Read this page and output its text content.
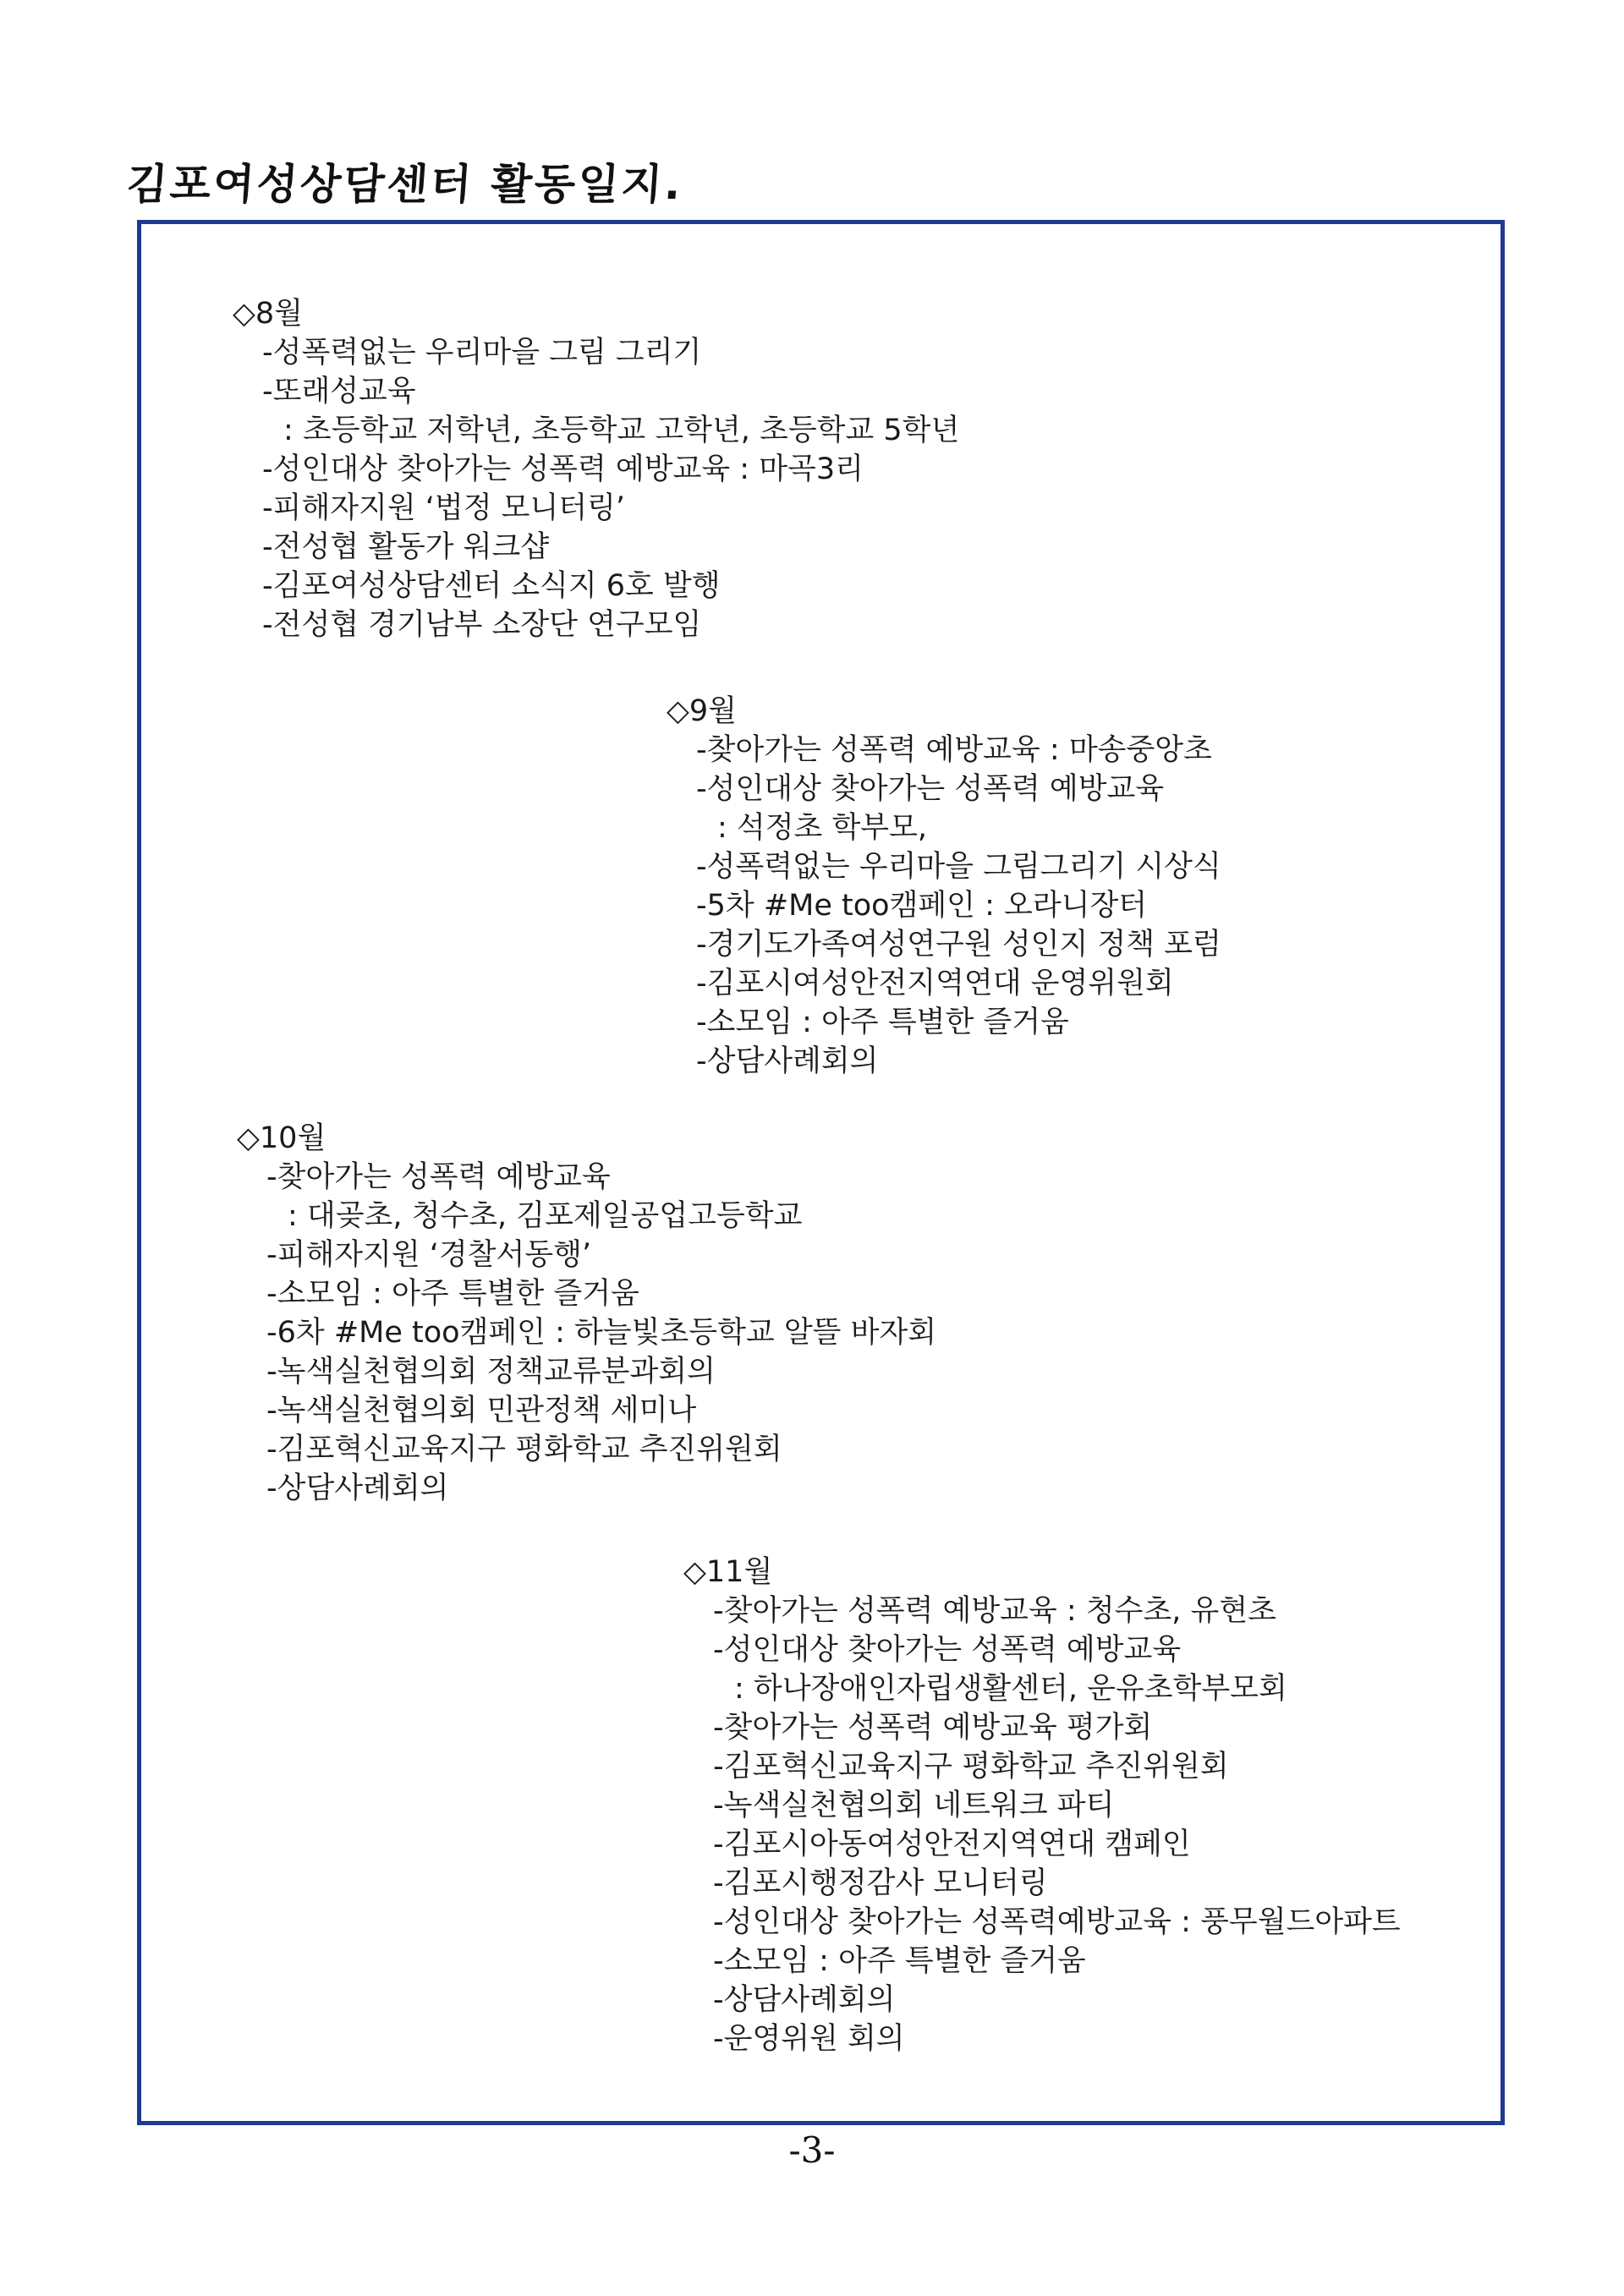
김포여성상담센터 활동일지.
◇8월
-성폭력없는 우리마을 그림 그리기
-또래성교육
: 초등학교 저학년, 초등학교 고학년, 초등학교 5학년
-성인대상 찾아가는 성폭력 예방교육 : 마곡3리
-피해자지원 ‘법정 모니터링’
-전성협 활동가 워크샵
-김포여성상담센터 소식지 6호 발행
-전성협 경기남부 소장단 연구모임
◇9월
-찾아가는 성폭력 예방교육 : 마송중앙초
-성인대상 찾아가는 성폭력 예방교육
: 석정초 학부모,
-성폭력없는 우리마을 그림그리기 시상식
-5차 #Me too캠페인 : 오라니장터
-경기도가족여성연구원 성인지 정책 포럼
-김포시여성안전지역연대 운영위원회
-소모임 : 아주 특별한 즐거움
-상담사례회의
◇10월
-찾아가는 성폭력 예방교육
: 대곶초, 청수초, 김포제일공업고등학교
-피해자지원 ‘경찰서동행’
-소모임 : 아주 특별한 즐거움
-6차 #Me too캠페인 : 하늘빛초등학교 알뜰 바자회
-녹색실천협의회 정책교류분과회의
-녹색실천협의회 민관정책 세미나
-김포혁신교육지구 평화학교 추진위원회
-상담사례회의
◇11월
-찾아가는 성폭력 예방교육 : 청수초, 유현초
-성인대상 찾아가는 성폭력 예방교육
: 하나장애인자립생활센터, 운유초학부모회
-찾아가는 성폭력 예방교육 평가회
-김포혁신교육지구 평화학교 추진위원회
-녹색실천협의회 네트워크 파티
-김포시아동여성안전지역연대 캠페인
-김포시행정감사 모니터링
-성인대상 찾아가는 성폭력예방교육 : 풍무월드아파트
-소모임 : 아주 특별한 즐거움
-상담사례회의
-운영위원 회의
-3-
